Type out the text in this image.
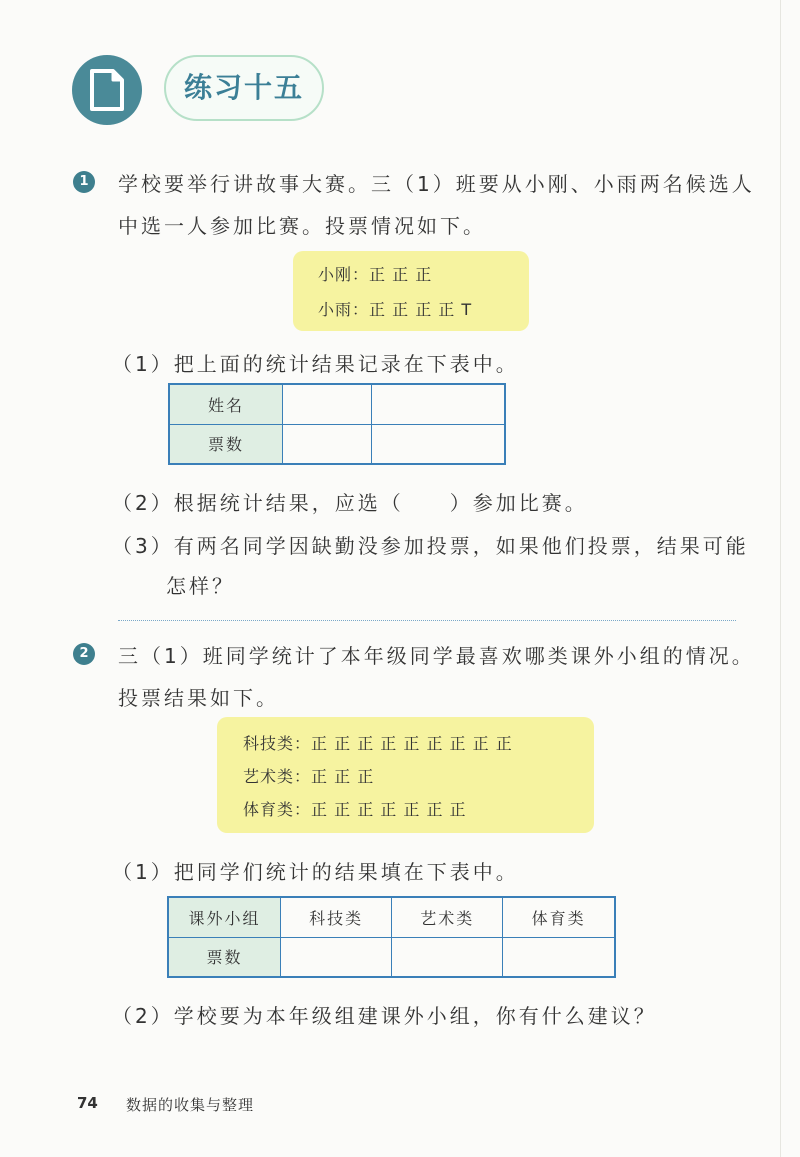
练习十五
1	学校要举行讲故事大赛。三（1）班要从小刚、小雨两名候选人
中选一人参加比赛。投票情况如下。
小刚：正 正 正
小雨：正 正 正 正 T
（1）把上面的统计结果记录在下表中。
姓名		
票数		
（2）根据统计结果，应选（　　）参加比赛。
（3）有两名同学因缺勤没参加投票，如果他们投票，结果可能
怎样？
2	三（1）班同学统计了本年级同学最喜欢哪类课外小组的情况。
投票结果如下。
科技类：正 正 正 正 正 正 正 正 正
艺术类：正 正 正
体育类：正 正 正 正 正 正 正
（1）把同学们统计的结果填在下表中。
课外小组	科技类	艺术类	体育类
票数			
（2）学校要为本年级组建课外小组，你有什么建议？
74 数据的收集与整理
